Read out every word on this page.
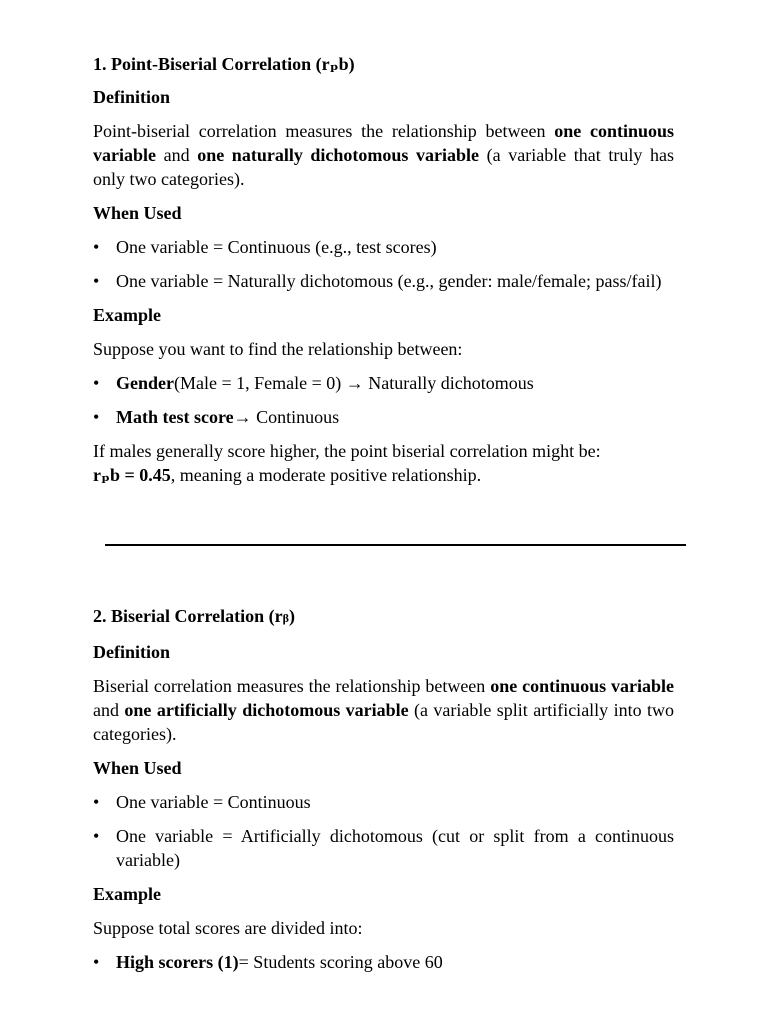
1. Point-Biserial Correlation (rₚb)

Definition

Point-biserial correlation measures the relationship between one continuous variable and one naturally dichotomous variable (a variable that truly has only two categories).

When Used

• One variable = Continuous (e.g., test scores)

• One variable = Naturally dichotomous (e.g., gender: male/female; pass/fail)

Example

Suppose you want to find the relationship between:

• Gender(Male = 1, Female = 0) → Naturally dichotomous

• Math test score→ Continuous

If males generally score higher, the point biserial correlation might be:

rₚb = 0.45, meaning a moderate positive relationship.

2. Biserial Correlation (rβ)

Definition

Biserial correlation measures the relationship between one continuous variable and one artificially dichotomous variable (a variable split artificially into two categories).

When Used

• One variable = Continuous

• One variable = Artificially dichotomous (cut or split from a continuous variable)

Example

Suppose total scores are divided into:

• High scorers (1)= Students scoring above 60
